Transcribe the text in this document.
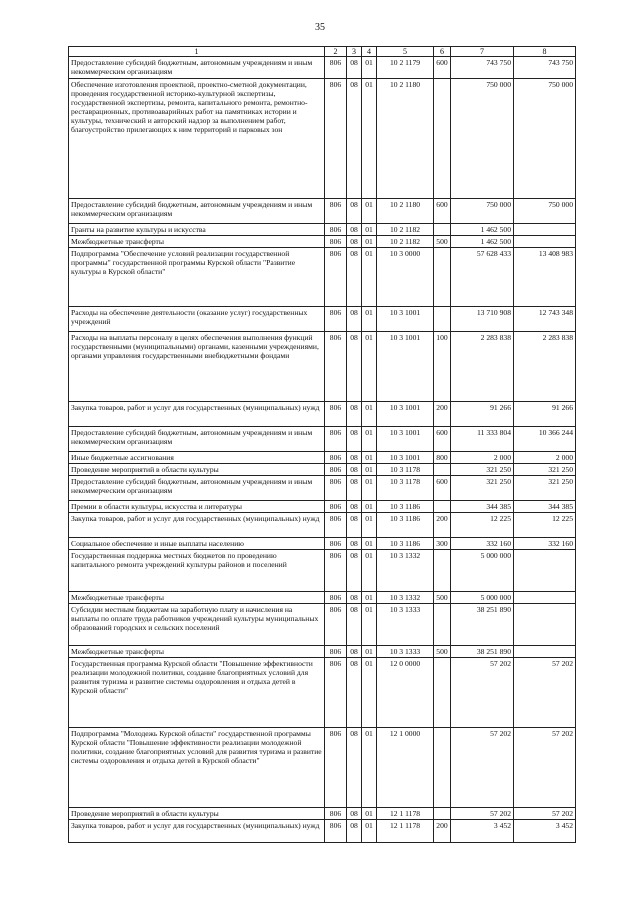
35
1	2	3	4	5	6	7	8
Предоставление субсидий бюджетным, автономным учреждениям и иным некоммерческим организациям	806	08	01	10 2 1179	600	743 750	743 750
Обеспечение изготовления проектной, проектно-сметной документации, проведения государственной историко-культурной экспертизы, государственной экспертизы, ремонта, капитального ремонта, ремонтно-реставрационных, противоаварийных работ на памятниках истории и культуры, технический и авторский надзор за выполнением работ, благоустройство прилегающих к ним территорий и парковых зон	806	08	01	10 2 1180		750 000	750 000
Предоставление субсидий бюджетным, автономным учреждениям и иным некоммерческим организациям	806	08	01	10 2 1180	600	750 000	750 000
Гранты на развитие культуры и искусства	806	08	01	10 2 1182		1 462 500	
Межбюджетные трансферты	806	08	01	10 2 1182	500	1 462 500	
Подпрограмма "Обеспечение условий реализации государственной программы" государственной программы Курской области "Развитие культуры в Курской области"	806	08	01	10 3 0000		57 628 433	13 408 983
Расходы на обеспечение деятельности (оказание услуг) государственных учреждений	806	08	01	10 3 1001		13 710 908	12 743 348
Расходы на выплаты персоналу в целях обеспечения выполнения функций государственными (муниципальными) органами, казенными учреждениями, органами управления государственными внебюджетными фондами	806	08	01	10 3 1001	100	2 283 838	2 283 838
Закупка товаров, работ и услуг для государственных (муниципальных) нужд	806	08	01	10 3 1001	200	91 266	91 266
Предоставление субсидий бюджетным, автономным учреждениям и иным некоммерческим организациям	806	08	01	10 3 1001	600	11 333 804	10 366 244
Иные бюджетные ассигнования	806	08	01	10 3 1001	800	2 000	2 000
Проведение мероприятий в области культуры	806	08	01	10 3 1178		321 250	321 250
Предоставление субсидий бюджетным, автономным учреждениям и иным некоммерческим организациям	806	08	01	10 3 1178	600	321 250	321 250
Премии в области культуры, искусства и литературы	806	08	01	10 3 1186		344 385	344 385
Закупка товаров, работ и услуг для государственных (муниципальных) нужд	806	08	01	10 3 1186	200	12 225	12 225
Социальное обеспечение и иные выплаты населению	806	08	01	10 3 1186	300	332 160	332 160
Государственная поддержка местных бюджетов по проведению капитального ремонта учреждений культуры районов и поселений	806	08	01	10 3 1332		5 000 000	
Межбюджетные трансферты	806	08	01	10 3 1332	500	5 000 000	
Субсидии местным бюджетам на заработную плату и начисления на выплаты по оплате труда работников учреждений культуры муниципальных образований городских и сельских поселений	806	08	01	10 3 1333		38 251 890	
Межбюджетные трансферты	806	08	01	10 3 1333	500	38 251 890	
Государственная программа Курской области "Повышение эффективности реализации молодежной политики, создание благоприятных условий для развития туризма и развитие системы оздоровления и отдыха детей в Курской области"	806	08	01	12 0 0000		57 202	57 202
Подпрограмма "Молодежь Курской области" государственной программы Курской области "Повышение эффективности реализации молодежной политики, создание благоприятных условий для развития туризма и развитие системы оздоровления и отдыха детей в Курской области"	806	08	01	12 1 0000		57 202	57 202
Проведение мероприятий в области культуры	806	08	01	12 1 1178		57 202	57 202
Закупка товаров, работ и услуг для государственных (муниципальных) нужд	806	08	01	12 1 1178	200	3 452	3 452
